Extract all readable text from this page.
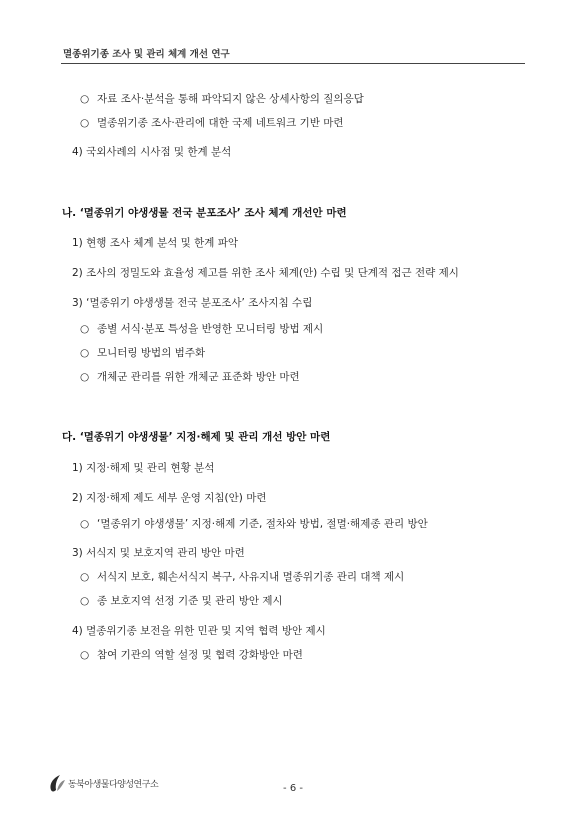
멸종위기종 조사 및 관리 체계 개선 연구
○ 자료 조사·분석을 통해 파악되지 않은 상세사항의 질의응답
○ 멸종위기종 조사·관리에 대한 국제 네트워크 기반 마련
4) 국외사례의 시사점 및 한계 분석
나. ‘멸종위기 야생생물 전국 분포조사’ 조사 체계 개선안 마련
1) 현행 조사 체계 분석 및 한계 파악
2) 조사의 정밀도와 효율성 제고를 위한 조사 체계(안) 수립 및 단계적 접근 전략 제시
3) ‘멸종위기 야생생물 전국 분포조사’ 조사지침 수립
○ 종별 서식·분포 특성을 반영한 모니터링 방법 제시
○ 모니터링 방법의 범주화
○ 개체군 관리를 위한 개체군 표준화 방안 마련
다. ‘멸종위기 야생생물’ 지정·해제 및 관리 개선 방안 마련
1) 지정·해제 및 관리 현황 분석
2) 지정·해제 제도 세부 운영 지침(안) 마련
○ ‘멸종위기 야생생물’ 지정·해제 기준, 절차와 방법, 절멸·해제종 관리 방안
3) 서식지 및 보호지역 관리 방안 마련
○ 서식지 보호, 훼손서식지 복구, 사유지내 멸종위기종 관리 대책 제시
○ 종 보호지역 선정 기준 및 관리 방안 제시
4) 멸종위기종 보전을 위한 민관 및 지역 협력 방안 제시
○ 참여 기관의 역할 설정 및 협력 강화방안 마련
동북아생물다양성연구소	- 6 -
